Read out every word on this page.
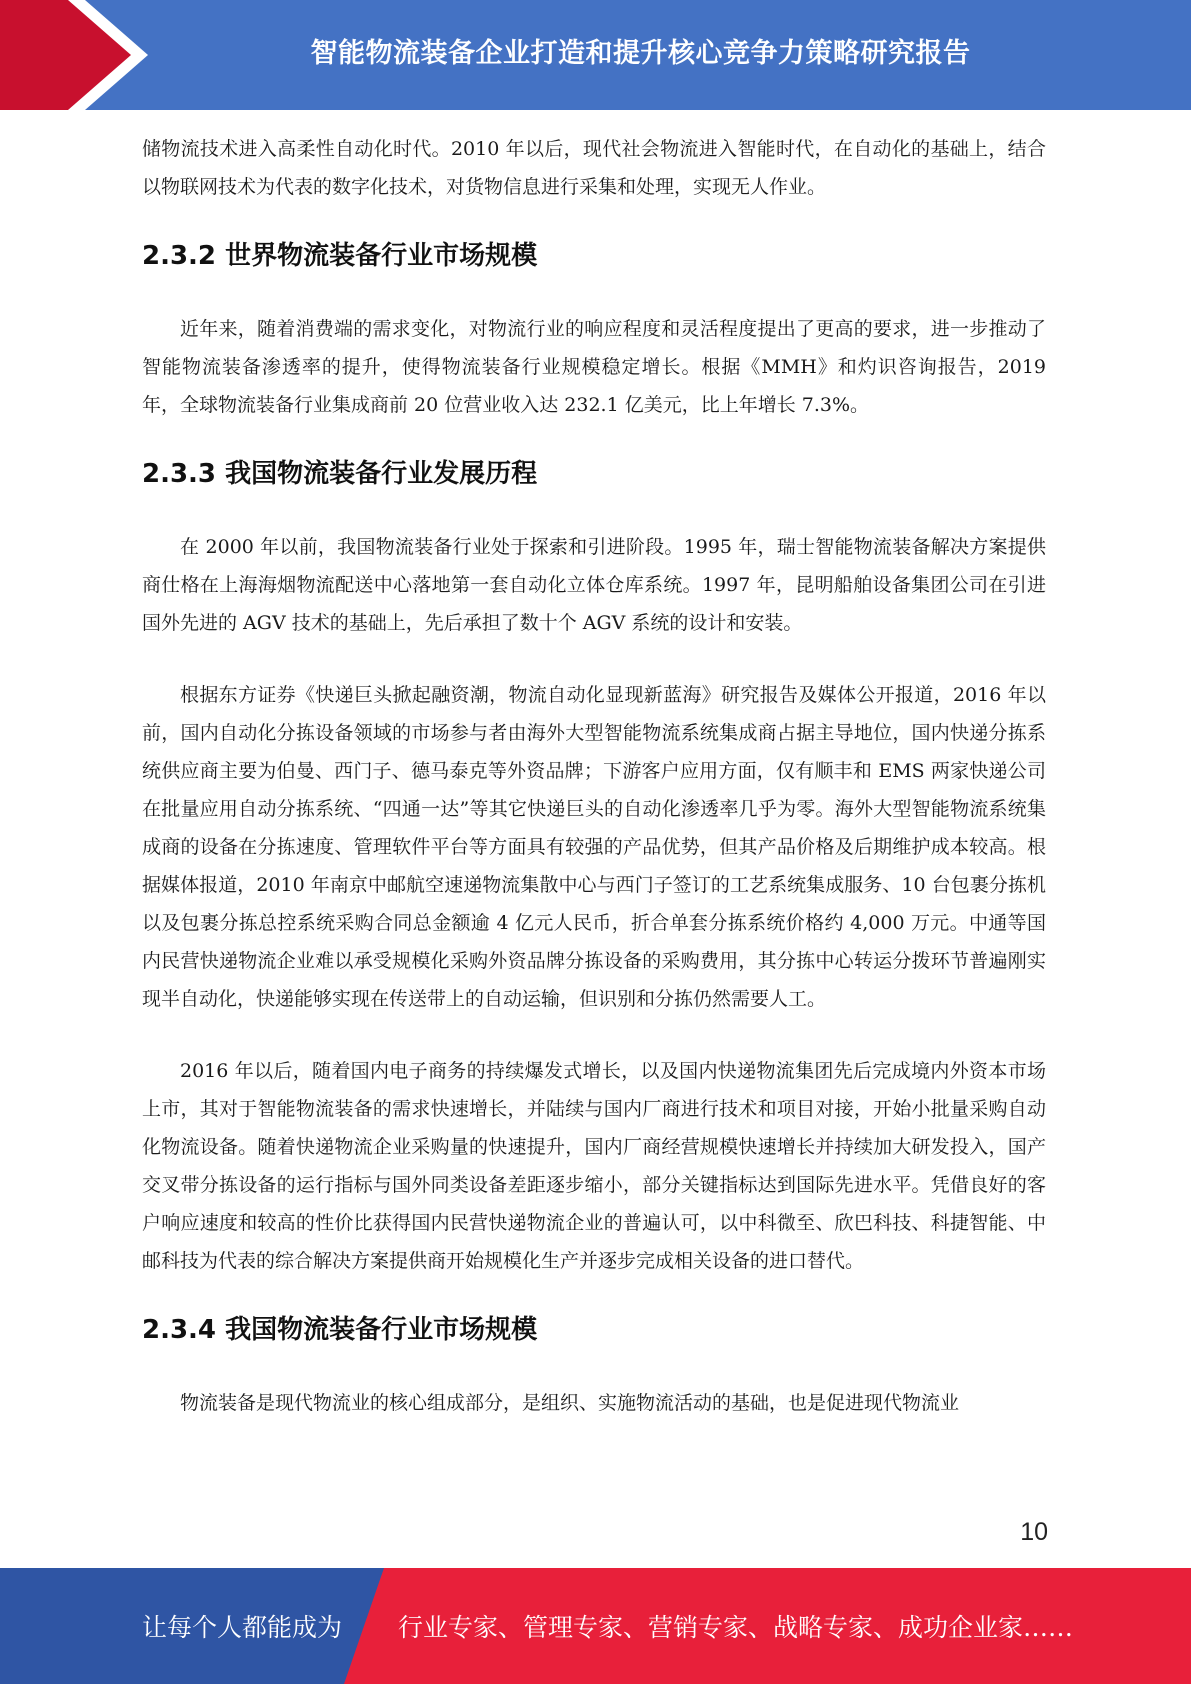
智能物流装备企业打造和提升核心竞争力策略研究报告

储物流技术进入高柔性自动化时代。2010 年以后，现代社会物流进入智能时代，在自动化的基础上，结合以物联网技术为代表的数字化技术，对货物信息进行采集和处理，实现无人作业。

2.3.2 世界物流装备行业市场规模

近年来，随着消费端的需求变化，对物流行业的响应程度和灵活程度提出了更高的要求，进一步推动了智能物流装备渗透率的提升，使得物流装备行业规模稳定增长。根据《MMH》和灼识咨询报告，2019 年，全球物流装备行业集成商前 20 位营业收入达 232.1 亿美元，比上年增长 7.3%。

2.3.3 我国物流装备行业发展历程

在 2000 年以前，我国物流装备行业处于探索和引进阶段。1995 年，瑞士智能物流装备解决方案提供商仕格在上海海烟物流配送中心落地第一套自动化立体仓库系统。1997 年，昆明船舶设备集团公司在引进国外先进的 AGV 技术的基础上，先后承担了数十个 AGV 系统的设计和安装。

根据东方证券《快递巨头掀起融资潮，物流自动化显现新蓝海》研究报告及媒体公开报道，2016 年以前，国内自动化分拣设备领域的市场参与者由海外大型智能物流系统集成商占据主导地位，国内快递分拣系统供应商主要为伯曼、西门子、德马泰克等外资品牌；下游客户应用方面，仅有顺丰和 EMS 两家快递公司在批量应用自动分拣系统、“四通一达”等其它快递巨头的自动化渗透率几乎为零。海外大型智能物流系统集成商的设备在分拣速度、管理软件平台等方面具有较强的产品优势，但其产品价格及后期维护成本较高。根据媒体报道，2010 年南京中邮航空速递物流集散中心与西门子签订的工艺系统集成服务、10 台包裹分拣机以及包裹分拣总控系统采购合同总金额逾 4 亿元人民币，折合单套分拣系统价格约 4,000 万元。中通等国内民营快递物流企业难以承受规模化采购外资品牌分拣设备的采购费用，其分拣中心转运分拨环节普遍刚实现半自动化，快递能够实现在传送带上的自动运输，但识别和分拣仍然需要人工。

2016 年以后，随着国内电子商务的持续爆发式增长，以及国内快递物流集团先后完成境内外资本市场上市，其对于智能物流装备的需求快速增长，并陆续与国内厂商进行技术和项目对接，开始小批量采购自动化物流设备。随着快递物流企业采购量的快速提升，国内厂商经营规模快速增长并持续加大研发投入，国产交叉带分拣设备的运行指标与国外同类设备差距逐步缩小，部分关键指标达到国际先进水平。凭借良好的客户响应速度和较高的性价比获得国内民营快递物流企业的普遍认可，以中科微至、欣巴科技、科捷智能、中邮科技为代表的综合解决方案提供商开始规模化生产并逐步完成相关设备的进口替代。

2.3.4 我国物流装备行业市场规模

物流装备是现代物流业的核心组成部分，是组织、实施物流活动的基础，也是促进现代物流业

10
让每个人都能成为 行业专家、管理专家、营销专家、战略专家、成功企业家……
